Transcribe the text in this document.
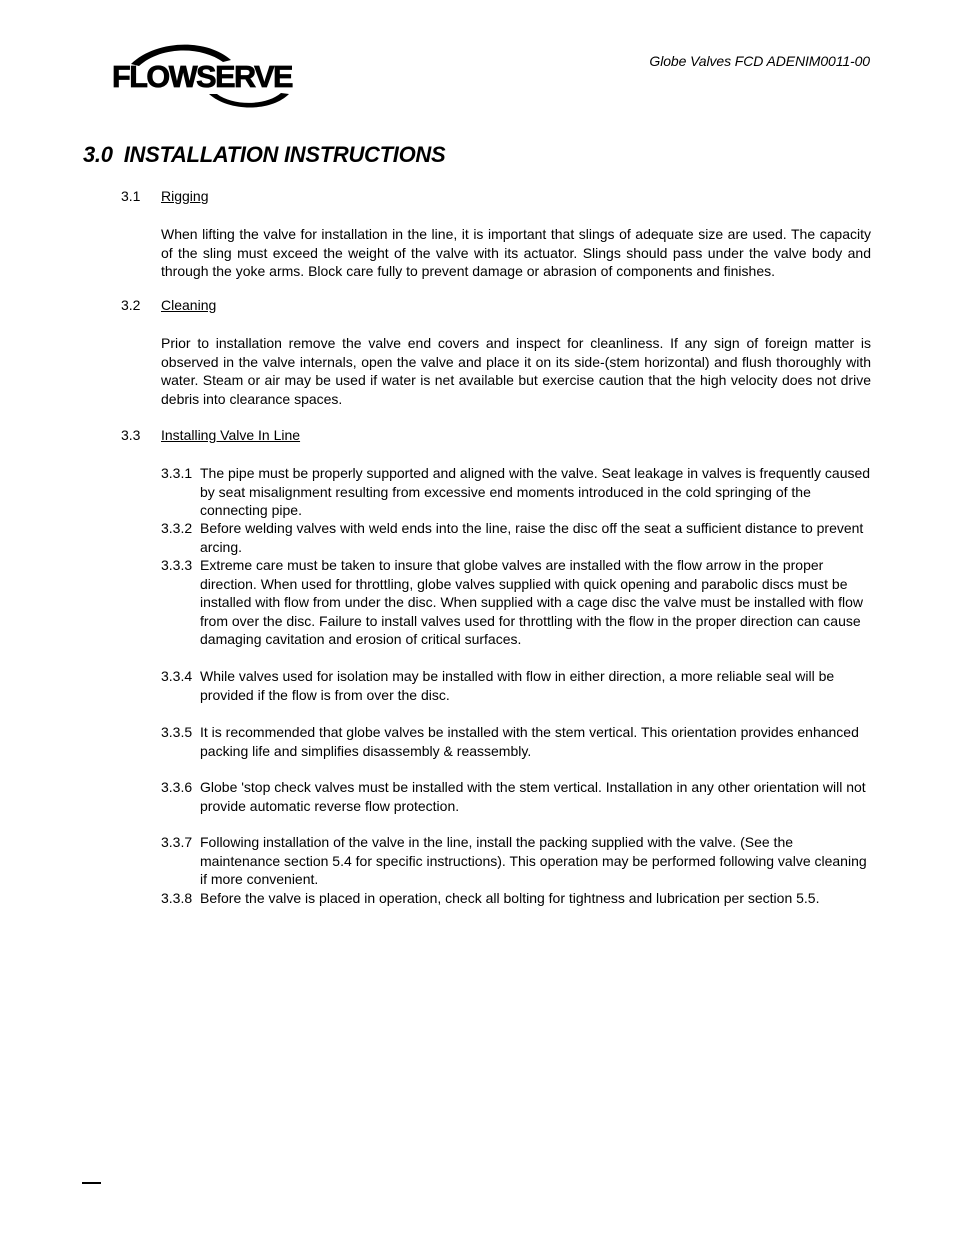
FLOWSERVE	Globe Valves FCD ADENIM0011-00
3.0 INSTALLATION INSTRUCTIONS
3.1 Rigging

When lifting the valve for installation in the line, it is important that slings of adequate size are used. The capacity of the sling must exceed the weight of the valve with its actuator. Slings should pass under the valve body and through the yoke arms. Block care fully to prevent damage or abrasion of components and finishes.

3.2 Cleaning

Prior to installation remove the valve end covers and inspect for cleanliness. If any sign of foreign matter is observed in the valve internals, open the valve and place it on its side-(stem horizontal) and flush thoroughly with water. Steam or air may be used if water is net available but exercise caution that the high velocity does not drive debris into clearance spaces.

3.3 Installing Valve In Line
3.3.1 The pipe must be properly supported and aligned with the valve. Seat leakage in valves is frequently caused by seat misalignment resulting from excessive end moments introduced in the cold springing of the connecting pipe.
3.3.2 Before welding valves with weld ends into the line, raise the disc off the seat a sufficient distance to prevent arcing.
3.3.3 Extreme care must be taken to insure that globe valves are installed with the flow arrow in the proper direction. When used for throttling, globe valves supplied with quick opening and parabolic discs must be installed with flow from under the disc. When supplied with a cage disc the valve must be installed with flow from over the disc. Failure to install valves used for throttling with the flow in the proper direction can cause damaging cavitation and erosion of critical surfaces.
3.3.4 While valves used for isolation may be installed with flow in either direction, a more reliable seal will be provided if the flow is from over the disc.
3.3.5 It is recommended that globe valves be installed with the stem vertical. This orientation provides enhanced packing life and simplifies disassembly & reassembly.
3.3.6 Globe 'stop check valves must be installed with the stem vertical. Installation in any other orientation will not provide automatic reverse flow protection.
3.3.7 Following installation of the valve in the line, install the packing supplied with the valve. (See the maintenance section 5.4 for specific instructions). This operation may be performed following valve cleaning if more convenient.
3.3.8 Before the valve is placed in operation, check all bolting for tightness and lubrication per section 5.5.
